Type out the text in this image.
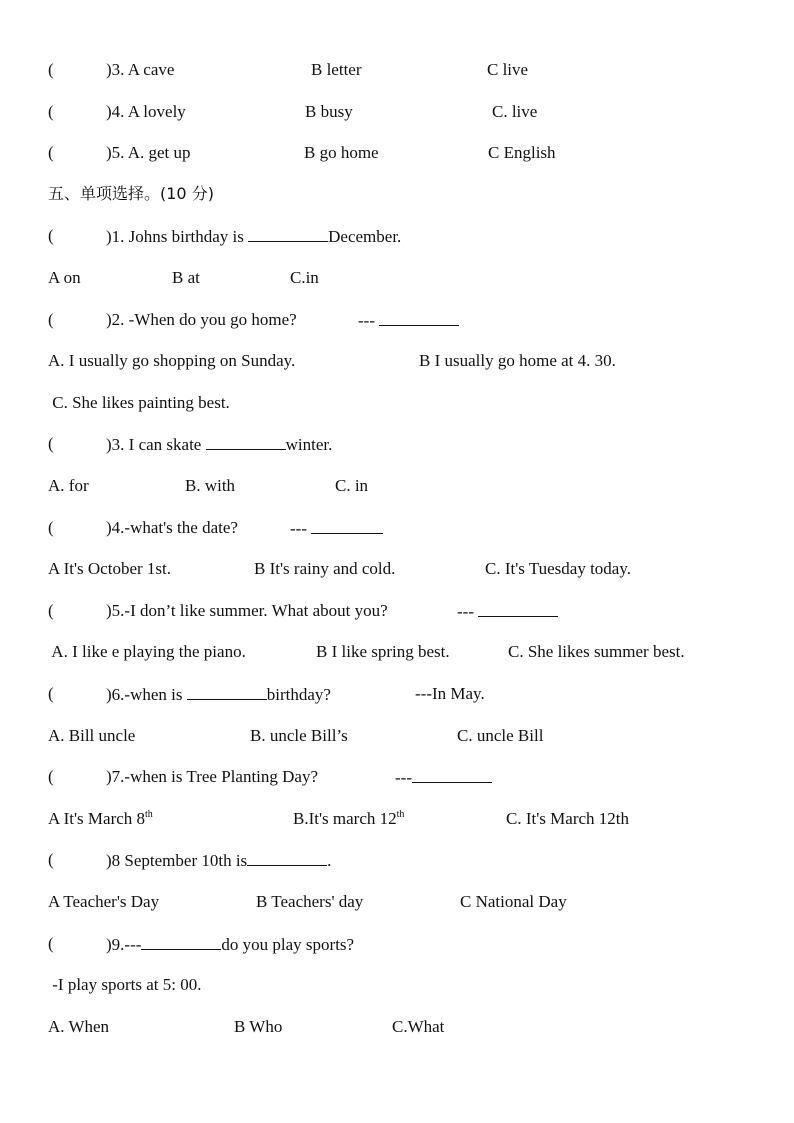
(	)3. A cave	B letter	C live
(	)4. A lovely	B busy	C. live
(	)5. A. get up	B go home	C English
五、单项选择。(10 分)
(	)1. Johns birthday is	December.
A on	B at	C.in
(	)2. -When do you go home?	---
A. I usually go shopping on Sunday.	B I usually go home at 4. 30.
C. She likes painting best.
(	)3. I can skate	winter.
A. for	B. with	C. in
(	)4.-what's the date?	---
A It's October 1st.	B It's rainy and cold.	C. It's Tuesday today.
(	)5.-I don’t like summer. What about you?	---
A. I like e playing the piano.	B I like spring best.	C. She likes summer best.
(	)6.-when is	birthday?	---In May.
A. Bill uncle	B. uncle Bill’s	C. uncle Bill
(	)7.-when is Tree Planting Day?	---
A It's March 8th	B.It's march 12th	C. It's March 12th
(	)8 September 10th is	.
A Teacher's Day	B Teachers' day	C National Day
(	)9.---	do you play sports?
-I play sports at 5: 00.
A. When	B Who	C.What
